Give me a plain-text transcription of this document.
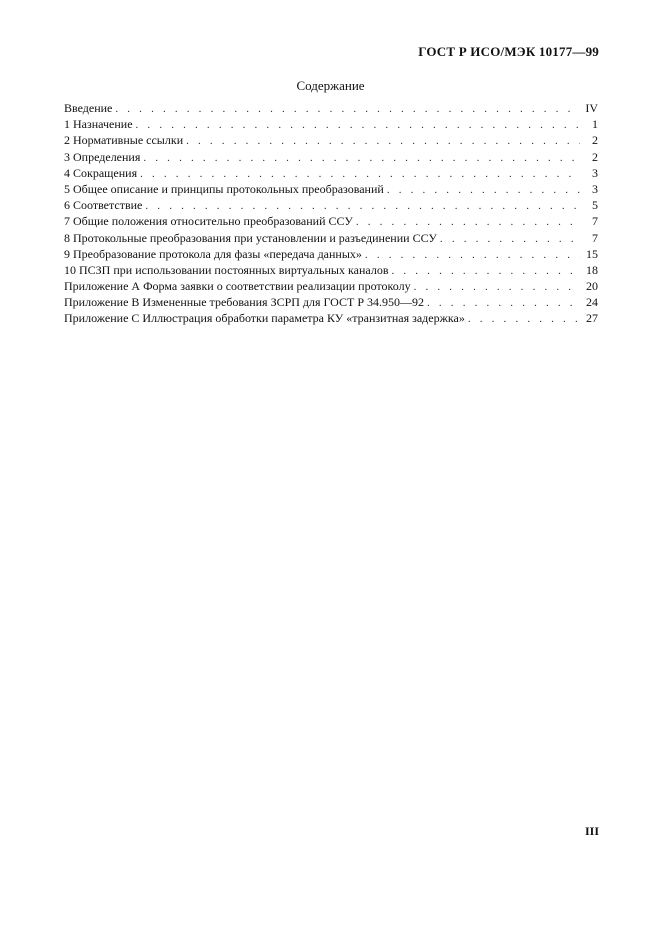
ГОСТ Р ИСО/МЭК 10177—99
Содержание
Введение . . .	IV
1 Назначение . . .	1
2 Нормативные ссылки . . .	2
3 Определения . . .	2
4 Сокращения . . .	3
5 Общее описание и принципы протокольных преобразований . . .	3
6 Соответствие . . .	5
7 Общие положения относительно преобразований ССУ . . .	7
8 Протокольные преобразования при установлении и разъединении ССУ . . .	7
9 Преобразование протокола для фазы «передача данных» . . .	15
10 ПСЗП при использовании постоянных виртуальных каналов . . .	18
Приложение А Форма заявки о соответствии реализации протоколу . . .	20
Приложение В Измененные требования ЗСРП для ГОСТ Р 34.950—92 . . .	24
Приложение С Иллюстрация обработки параметра КУ «транзитная задержка» . . .	27
III
